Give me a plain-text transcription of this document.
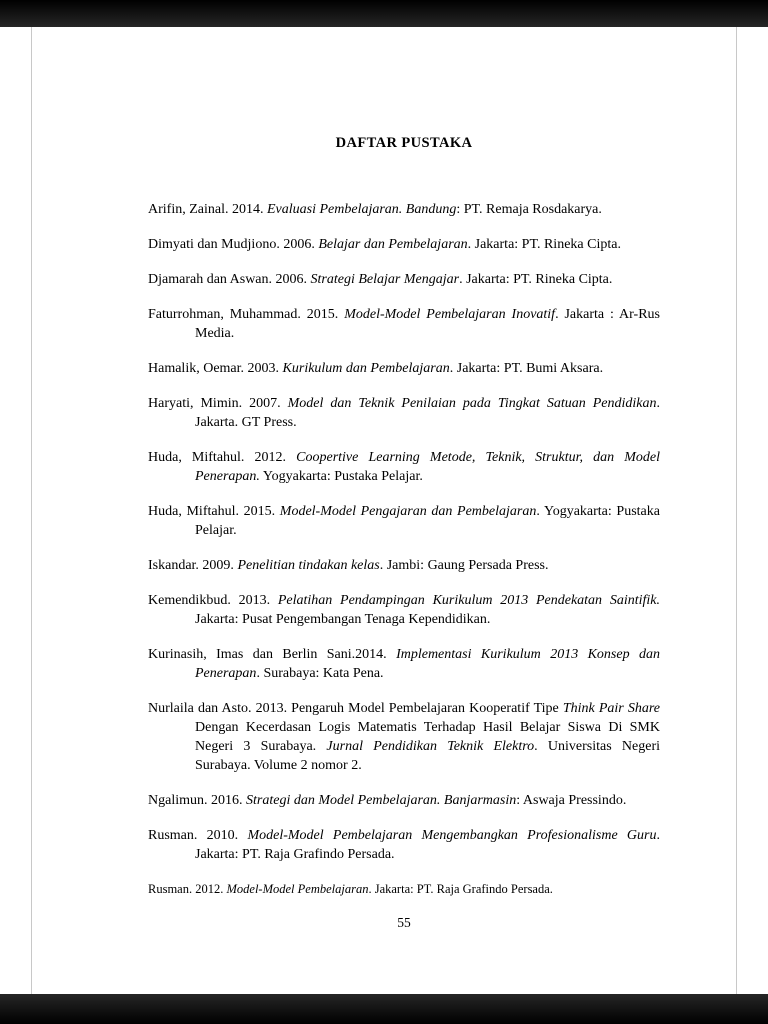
DAFTAR PUSTAKA

Arifin, Zainal. 2014. Evaluasi Pembelajaran. Bandung: PT. Remaja Rosdakarya.

Dimyati dan Mudjiono. 2006. Belajar dan Pembelajaran. Jakarta: PT. Rineka Cipta.

Djamarah dan Aswan. 2006. Strategi Belajar Mengajar. Jakarta: PT. Rineka Cipta.

Faturrohman, Muhammad. 2015. Model-Model Pembelajaran Inovatif. Jakarta : Ar-Rus Media.

Hamalik, Oemar. 2003. Kurikulum dan Pembelajaran. Jakarta: PT. Bumi Aksara.

Haryati, Mimin. 2007. Model dan Teknik Penilaian pada Tingkat Satuan Pendidikan. Jakarta. GT Press.

Huda, Miftahul. 2012. Coopertive Learning Metode, Teknik, Struktur, dan Model Penerapan. Yogyakarta: Pustaka Pelajar.

Huda, Miftahul. 2015. Model-Model Pengajaran dan Pembelajaran. Yogyakarta: Pustaka Pelajar.

Iskandar. 2009. Penelitian tindakan kelas. Jambi: Gaung Persada Press.

Kemendikbud. 2013. Pelatihan Pendampingan Kurikulum 2013 Pendekatan Saintifik. Jakarta: Pusat Pengembangan Tenaga Kependidikan.

Kurinasih, Imas dan Berlin Sani.2014. Implementasi Kurikulum 2013 Konsep dan Penerapan. Surabaya: Kata Pena.

Nurlaila dan Asto. 2013. Pengaruh Model Pembelajaran Kooperatif Tipe Think Pair Share Dengan Kecerdasan Logis Matematis Terhadap Hasil Belajar Siswa Di SMK Negeri 3 Surabaya. Jurnal Pendidikan Teknik Elektro. Universitas Negeri Surabaya. Volume 2 nomor 2.

Ngalimun. 2016. Strategi dan Model Pembelajaran. Banjarmasin: Aswaja Pressindo.

Rusman. 2010. Model-Model Pembelajaran Mengembangkan Profesionalisme Guru. Jakarta: PT. Raja Grafindo Persada.

Rusman. 2012. Model-Model Pembelajaran. Jakarta: PT. Raja Grafindo Persada.

55
